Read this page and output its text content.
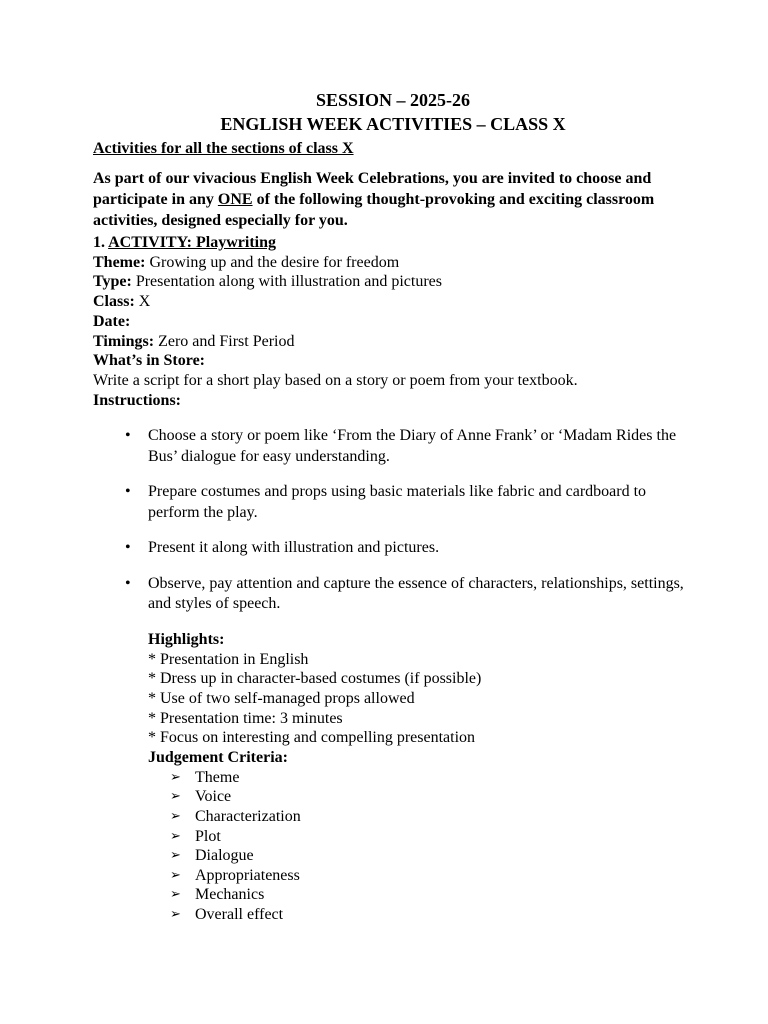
SESSION – 2025-26

ENGLISH WEEK ACTIVITIES – CLASS X

Activities for all the sections of class X

As part of our vivacious English Week Celebrations, you are invited to choose and participate in any ONE of the following thought-provoking and exciting classroom activities, designed especially for you.

1. ACTIVITY: Playwriting

Theme: Growing up and the desire for freedom

Type: Presentation along with illustration and pictures

Class: X

Date:

Timings: Zero and First Period

What’s in Store:

Write a script for a short play based on a story or poem from your textbook.

Instructions:

• Choose a story or poem like ‘From the Diary of Anne Frank’ or ‘Madam Rides the Bus’ dialogue for easy understanding.
• Prepare costumes and props using basic materials like fabric and cardboard to perform the play.
• Present it along with illustration and pictures.
• Observe, pay attention and capture the essence of characters, relationships, settings, and styles of speech.

Highlights:

* Presentation in English

* Dress up in character-based costumes (if possible)

* Use of two self-managed props allowed

* Presentation time: 3 minutes

* Focus on interesting and compelling presentation

Judgement Criteria:

➢ Theme
➢ Voice
➢ Characterization
➢ Plot
➢ Dialogue
➢ Appropriateness
➢ Mechanics
➢ Overall effect
